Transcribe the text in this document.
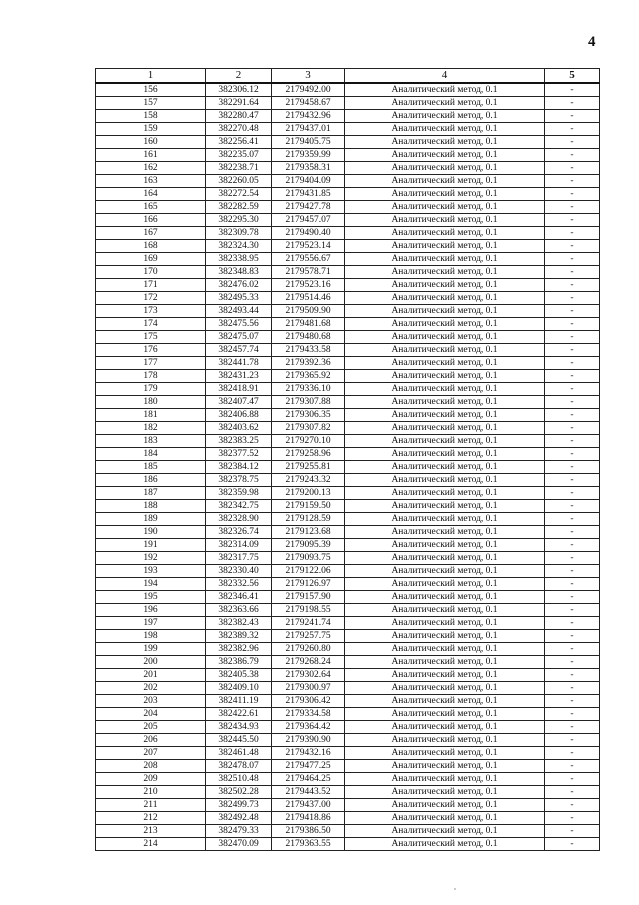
4
1	2	3	4	5
156	382306.12	2179492.00	Аналитический метод, 0.1	-
157	382291.64	2179458.67	Аналитический метод, 0.1	-
158	382280.47	2179432.96	Аналитический метод, 0.1	-
159	382270.48	2179437.01	Аналитический метод, 0.1	-
160	382256.41	2179405.75	Аналитический метод, 0.1	-
161	382235.07	2179359.99	Аналитический метод, 0.1	-
162	382238.71	2179358.31	Аналитический метод, 0.1	-
163	382260.05	2179404.09	Аналитический метод, 0.1	-
164	382272.54	2179431.85	Аналитический метод, 0.1	-
165	382282.59	2179427.78	Аналитический метод, 0.1	-
166	382295.30	2179457.07	Аналитический метод, 0.1	-
167	382309.78	2179490.40	Аналитический метод, 0.1	-
168	382324.30	2179523.14	Аналитический метод, 0.1	-
169	382338.95	2179556.67	Аналитический метод, 0.1	-
170	382348.83	2179578.71	Аналитический метод, 0.1	-
171	382476.02	2179523.16	Аналитический метод, 0.1	-
172	382495.33	2179514.46	Аналитический метод, 0.1	-
173	382493.44	2179509.90	Аналитический метод, 0.1	-
174	382475.56	2179481.68	Аналитический метод, 0.1	-
175	382475.07	2179480.68	Аналитический метод, 0.1	-
176	382457.74	2179433.58	Аналитический метод, 0.1	-
177	382441.78	2179392.36	Аналитический метод, 0.1	-
178	382431.23	2179365.92	Аналитический метод, 0.1	-
179	382418.91	2179336.10	Аналитический метод, 0.1	-
180	382407.47	2179307.88	Аналитический метод, 0.1	-
181	382406.88	2179306.35	Аналитический метод, 0.1	-
182	382403.62	2179307.82	Аналитический метод, 0.1	-
183	382383.25	2179270.10	Аналитический метод, 0.1	-
184	382377.52	2179258.96	Аналитический метод, 0.1	-
185	382384.12	2179255.81	Аналитический метод, 0.1	-
186	382378.75	2179243.32	Аналитический метод, 0.1	-
187	382359.98	2179200.13	Аналитический метод, 0.1	-
188	382342.75	2179159.50	Аналитический метод, 0.1	-
189	382328.90	2179128.59	Аналитический метод, 0.1	-
190	382326.74	2179123.68	Аналитический метод, 0.1	-
191	382314.09	2179095.39	Аналитический метод, 0.1	-
192	382317.75	2179093.75	Аналитический метод, 0.1	-
193	382330.40	2179122.06	Аналитический метод, 0.1	-
194	382332.56	2179126.97	Аналитический метод, 0.1	-
195	382346.41	2179157.90	Аналитический метод, 0.1	-
196	382363.66	2179198.55	Аналитический метод, 0.1	-
197	382382.43	2179241.74	Аналитический метод, 0.1	-
198	382389.32	2179257.75	Аналитический метод, 0.1	-
199	382382.96	2179260.80	Аналитический метод, 0.1	-
200	382386.79	2179268.24	Аналитический метод, 0.1	-
201	382405.38	2179302.64	Аналитический метод, 0.1	-
202	382409.10	2179300.97	Аналитический метод, 0.1	-
203	382411.19	2179306.42	Аналитический метод, 0.1	-
204	382422.61	2179334.58	Аналитический метод, 0.1	-
205	382434.93	2179364.42	Аналитический метод, 0.1	-
206	382445.50	2179390.90	Аналитический метод, 0.1	-
207	382461.48	2179432.16	Аналитический метод, 0.1	-
208	382478.07	2179477.25	Аналитический метод, 0.1	-
209	382510.48	2179464.25	Аналитический метод, 0.1	-
210	382502.28	2179443.52	Аналитический метод, 0.1	-
211	382499.73	2179437.00	Аналитический метод, 0.1	-
212	382492.48	2179418.86	Аналитический метод, 0.1	-
213	382479.33	2179386.50	Аналитический метод, 0.1	-
214	382470.09	2179363.55	Аналитический метод, 0.1	-
